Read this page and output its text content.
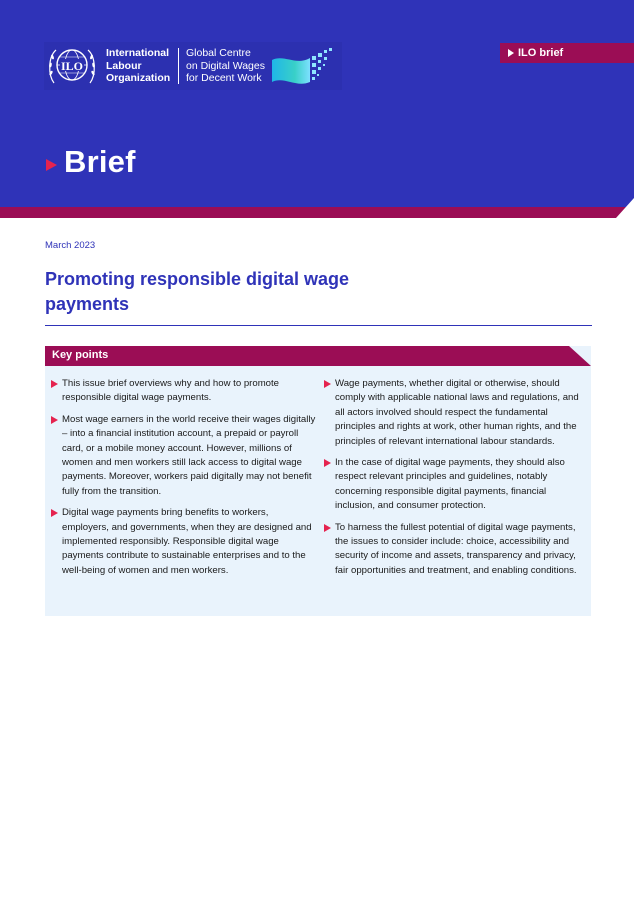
ILO
International
Labour
Organization
Global Centre
on Digital Wages
for Decent Work
ILO brief
Brief
March 2023
Promoting responsible digital wage payments
Key points

This issue brief overviews why and how to promote responsible digital wage payments.

Most wage earners in the world receive their wages digitally – into a financial institution account, a prepaid or payroll card, or a mobile money account. However, millions of women and men workers still lack access to digital wage payments. Moreover, workers paid digitally may not benefit fully from the transition.

Digital wage payments bring benefits to workers, employers, and governments, when they are designed and implemented responsibly. Responsible digital wage payments contribute to sustainable enterprises and to the well-being of women and men workers.

Wage payments, whether digital or otherwise, should comply with applicable national laws and regulations, and all actors involved should respect the fundamental principles and rights at work, other human rights, and the principles of relevant international labour standards.

In the case of digital wage payments, they should also respect relevant principles and guidelines, notably concerning responsible digital payments, financial inclusion, and consumer protection.

To harness the fullest potential of digital wage payments, the issues to consider include: choice, accessibility and security of income and assets, transparency and privacy, fair opportunities and treatment, and enabling conditions.
